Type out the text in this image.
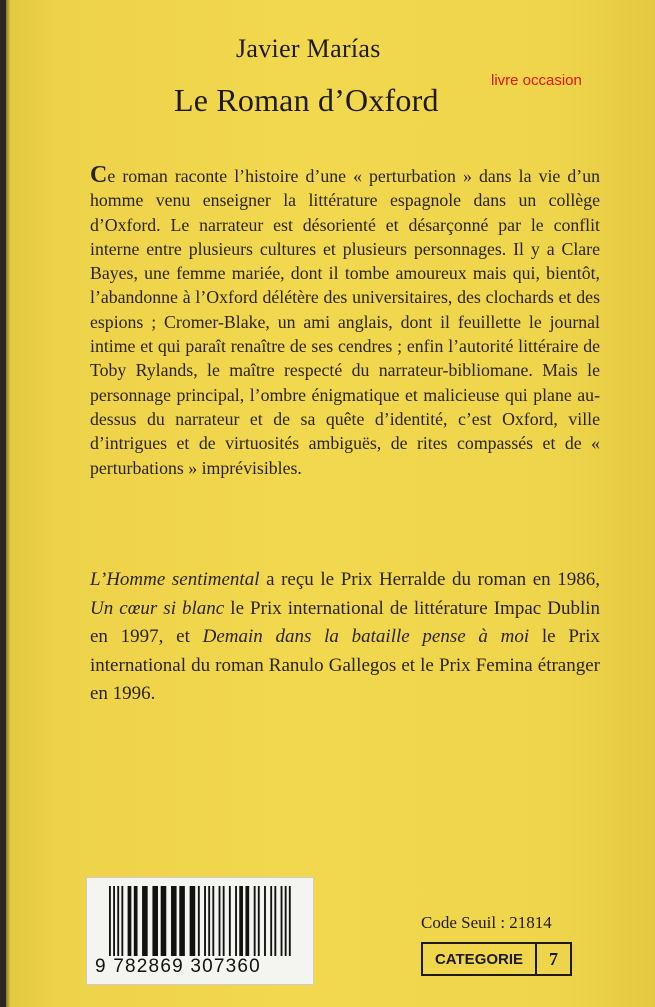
Javier Marías
Le Roman d’Oxford
livre occasion

Ce roman raconte l’histoire d’une « perturbation » dans la vie d’un homme venu enseigner la littérature espagnole dans un collège d’Oxford. Le narrateur est désorienté et désarçonné par le conflit interne entre plusieurs cultures et plusieurs personnages. Il y a Clare Bayes, une femme mariée, dont il tombe amoureux mais qui, bientôt, l’abandonne à l’Oxford délétère des universitaires, des clochards et des espions ; Cromer-Blake, un ami anglais, dont il feuillette le journal intime et qui paraît renaître de ses cendres ; enfin l’autorité littéraire de Toby Rylands, le maître respecté du narrateur-bibliomane. Mais le personnage principal, l’ombre énigmatique et malicieuse qui plane au-dessus du narrateur et de sa quête d’identité, c’est Oxford, ville d’intrigues et de virtuosités ambiguës, de rites compassés et de « perturbations » imprévisibles.

L’Homme sentimental a reçu le Prix Herralde du roman en 1986, Un cœur si blanc le Prix international de littérature Impac Dublin en 1997, et Demain dans la bataille pense à moi le Prix international du roman Ranulo Gallegos et le Prix Femina étranger en 1996.

9 782869 307360
Code Seuil : 21814
CATEGORIE	7
